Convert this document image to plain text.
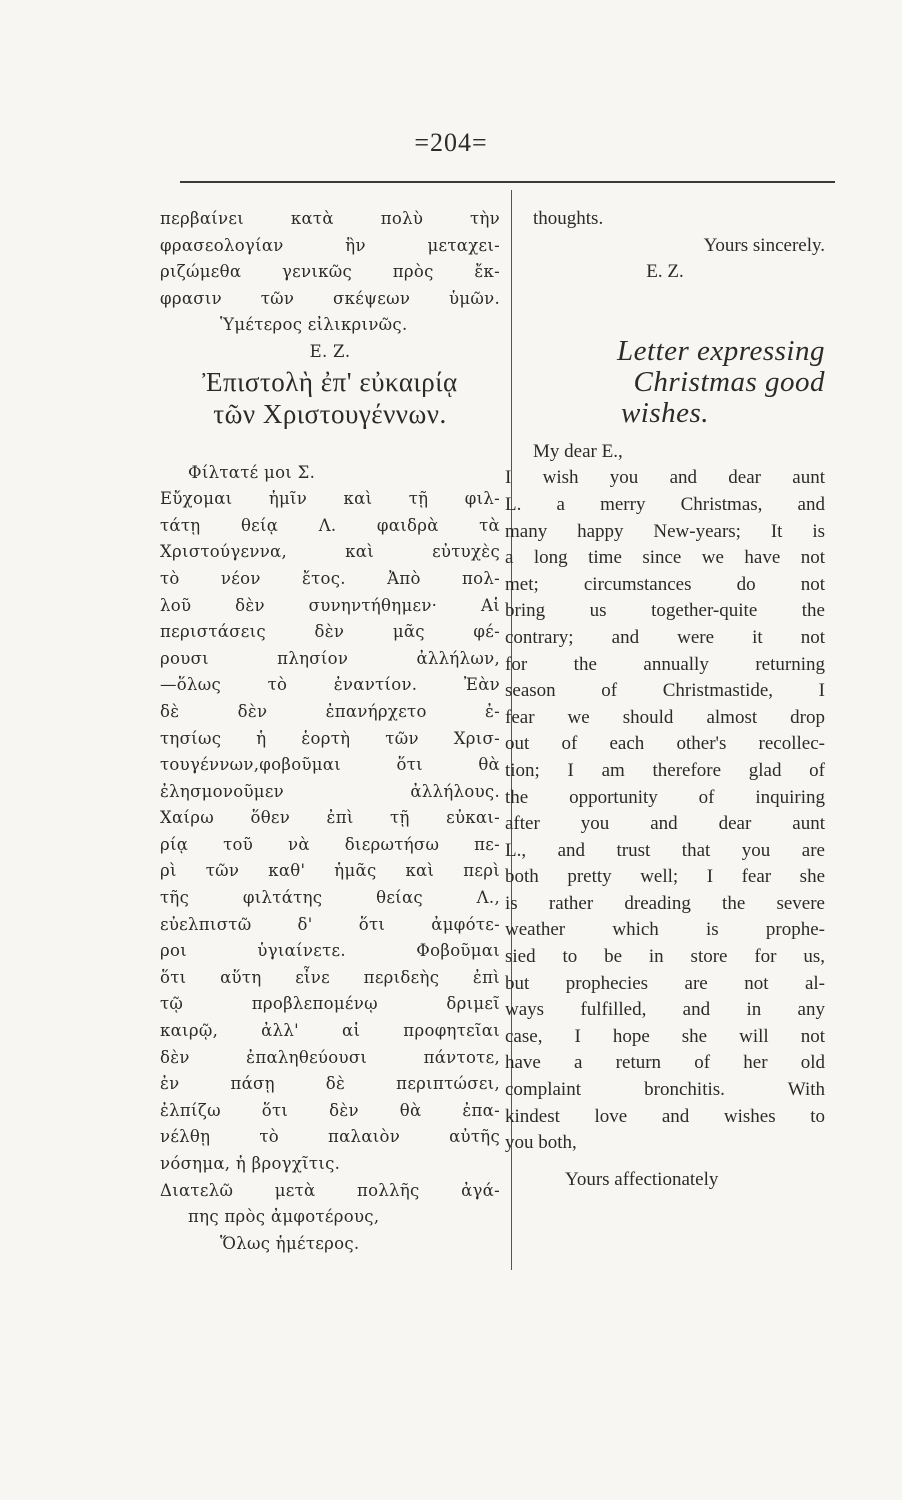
=204=
περβαίνει κατὰ πολὺ τὴν
φρασεολογίαν ἣν μεταχει-
ριζώμεθα γενικῶς πρὸς ἔκ-
φρασιν τῶν σκέψεων ὑμῶν.
Ὑμέτερος εἰλικρινῶς.
Ε. Ζ.
Ἐπιστολὴ ἐπ' εὐκαιρίᾳ
τῶν Χριστουγέννων.
Φίλτατέ μοι Σ.
Εὔχομαι ἡμῖν καὶ τῇ φιλ-
τάτῃ θείᾳ Λ. φαιδρὰ τὰ
Χριστούγεννα, καὶ εὐτυχὲς
τὸ νέον ἔτος. Ἀπὸ πολ-
λοῦ δὲν συνηντήθημεν· Αἱ
περιστάσεις δὲν μᾶς φέ-
ρουσι πλησίον ἀλλήλων,
—ὅλως τὸ ἐναντίον. Ἐὰν
δὲ δὲν ἐπανήρχετο ἐ-
τησίως ἡ ἑορτὴ τῶν Χρισ-
τουγέννων,φοβοῦμαι ὅτι θὰ
ἐλησμονοῦμεν ἀλλήλους.
Χαίρω ὅθεν ἐπὶ τῇ εὐκαι-
ρίᾳ τοῦ νὰ διερωτήσω πε-
ρὶ τῶν καθ' ἡμᾶς καὶ περὶ
τῆς φιλτάτης θείας Λ.,
εὐελπιστῶ δ' ὅτι ἀμφότε-
ροι ὑγιαίνετε. Φοβοῦμαι
ὅτι αὕτη εἶνε περιδεὴς ἐπὶ
τῷ προβλεπομένῳ δριμεῖ
καιρῷ, ἀλλ' αἱ προφητεῖαι
δὲν ἐπαληθεύουσι πάντοτε,
ἐν πάσῃ δὲ περιπτώσει,
ἐλπίζω ὅτι δὲν θὰ ἐπα-
νέλθῃ τὸ παλαιὸν αὐτῆς
νόσημα, ἡ βρογχῖτις.
Διατελῶ μετὰ πολλῆς ἀγά-
πης πρὸς ἀμφοτέρους,
Ὅλως ἡμέτερος.
thoughts.
Yours sincerely.
E. Z.
Letter expressing
Christmas good
wishes.
My dear E.,
I wish you and dear aunt
L. a merry Christmas, and
many happy New-years; It is
a long time since we have not
met; circumstances do not
bring us together-quite the
contrary; and were it not
for the annually returning
season of Christmastide, I
fear we should almost drop
out of each other's recollec-
tion; I am therefore glad of
the opportunity of inquiring
after you and dear aunt
L., and trust that you are
both pretty well; I fear she
is rather dreading the severe
weather which is prophe-
sied to be in store for us,
but prophecies are not al-
ways fulfilled, and in any
case, I hope she will not
have a return of her old
complaint bronchitis. With
kindest love and wishes to
you both,
Yours affectionately
